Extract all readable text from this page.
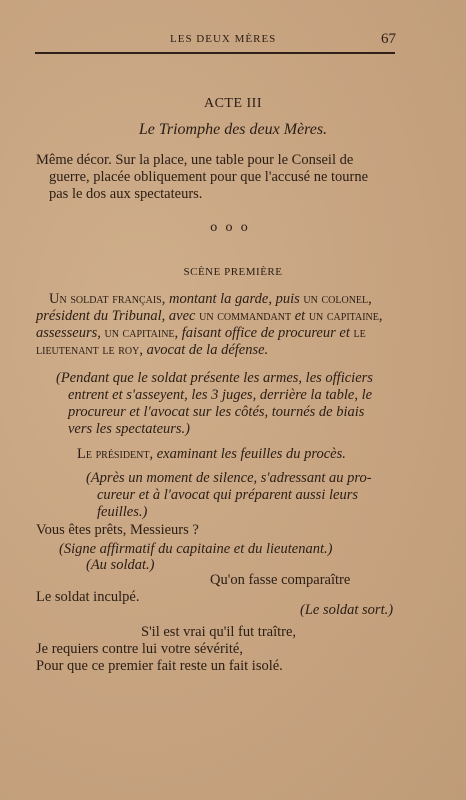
LES DEUX MÈRES	67
ACTE III
Le Triomphe des deux Mères.
Même décor. Sur la place, une table pour le Conseil de
guerre, placée obliquement pour que l'accusé ne tourne
pas le dos aux spectateurs.
ooo
SCÈNE PREMIÈRE
Un soldat français, montant la garde, puis un colonel,
président du Tribunal, avec un commandant et un capitaine,
assesseurs, un capitaine, faisant office de procureur et le
lieutenant le roy, avocat de la défense.
(Pendant que le soldat présente les armes, les officiers
entrent et s'asseyent, les 3 juges, derrière la table, le
procureur et l'avocat sur les côtés, tournés de biais
vers les spectateurs.)
Le président, examinant les feuilles du procès.
(Après un moment de silence, s'adressant au pro-
cureur et à l'avocat qui préparent aussi leurs
feuilles.)
Vous êtes prêts, Messieurs ?
(Signe affirmatif du capitaine et du lieutenant.)
(Au soldat.)
Qu'on fasse comparaître
Le soldat inculpé.
(Le soldat sort.)
S'il est vrai qu'il fut traître,
Je requiers contre lui votre sévérité,
Pour que ce premier fait reste un fait isolé.
